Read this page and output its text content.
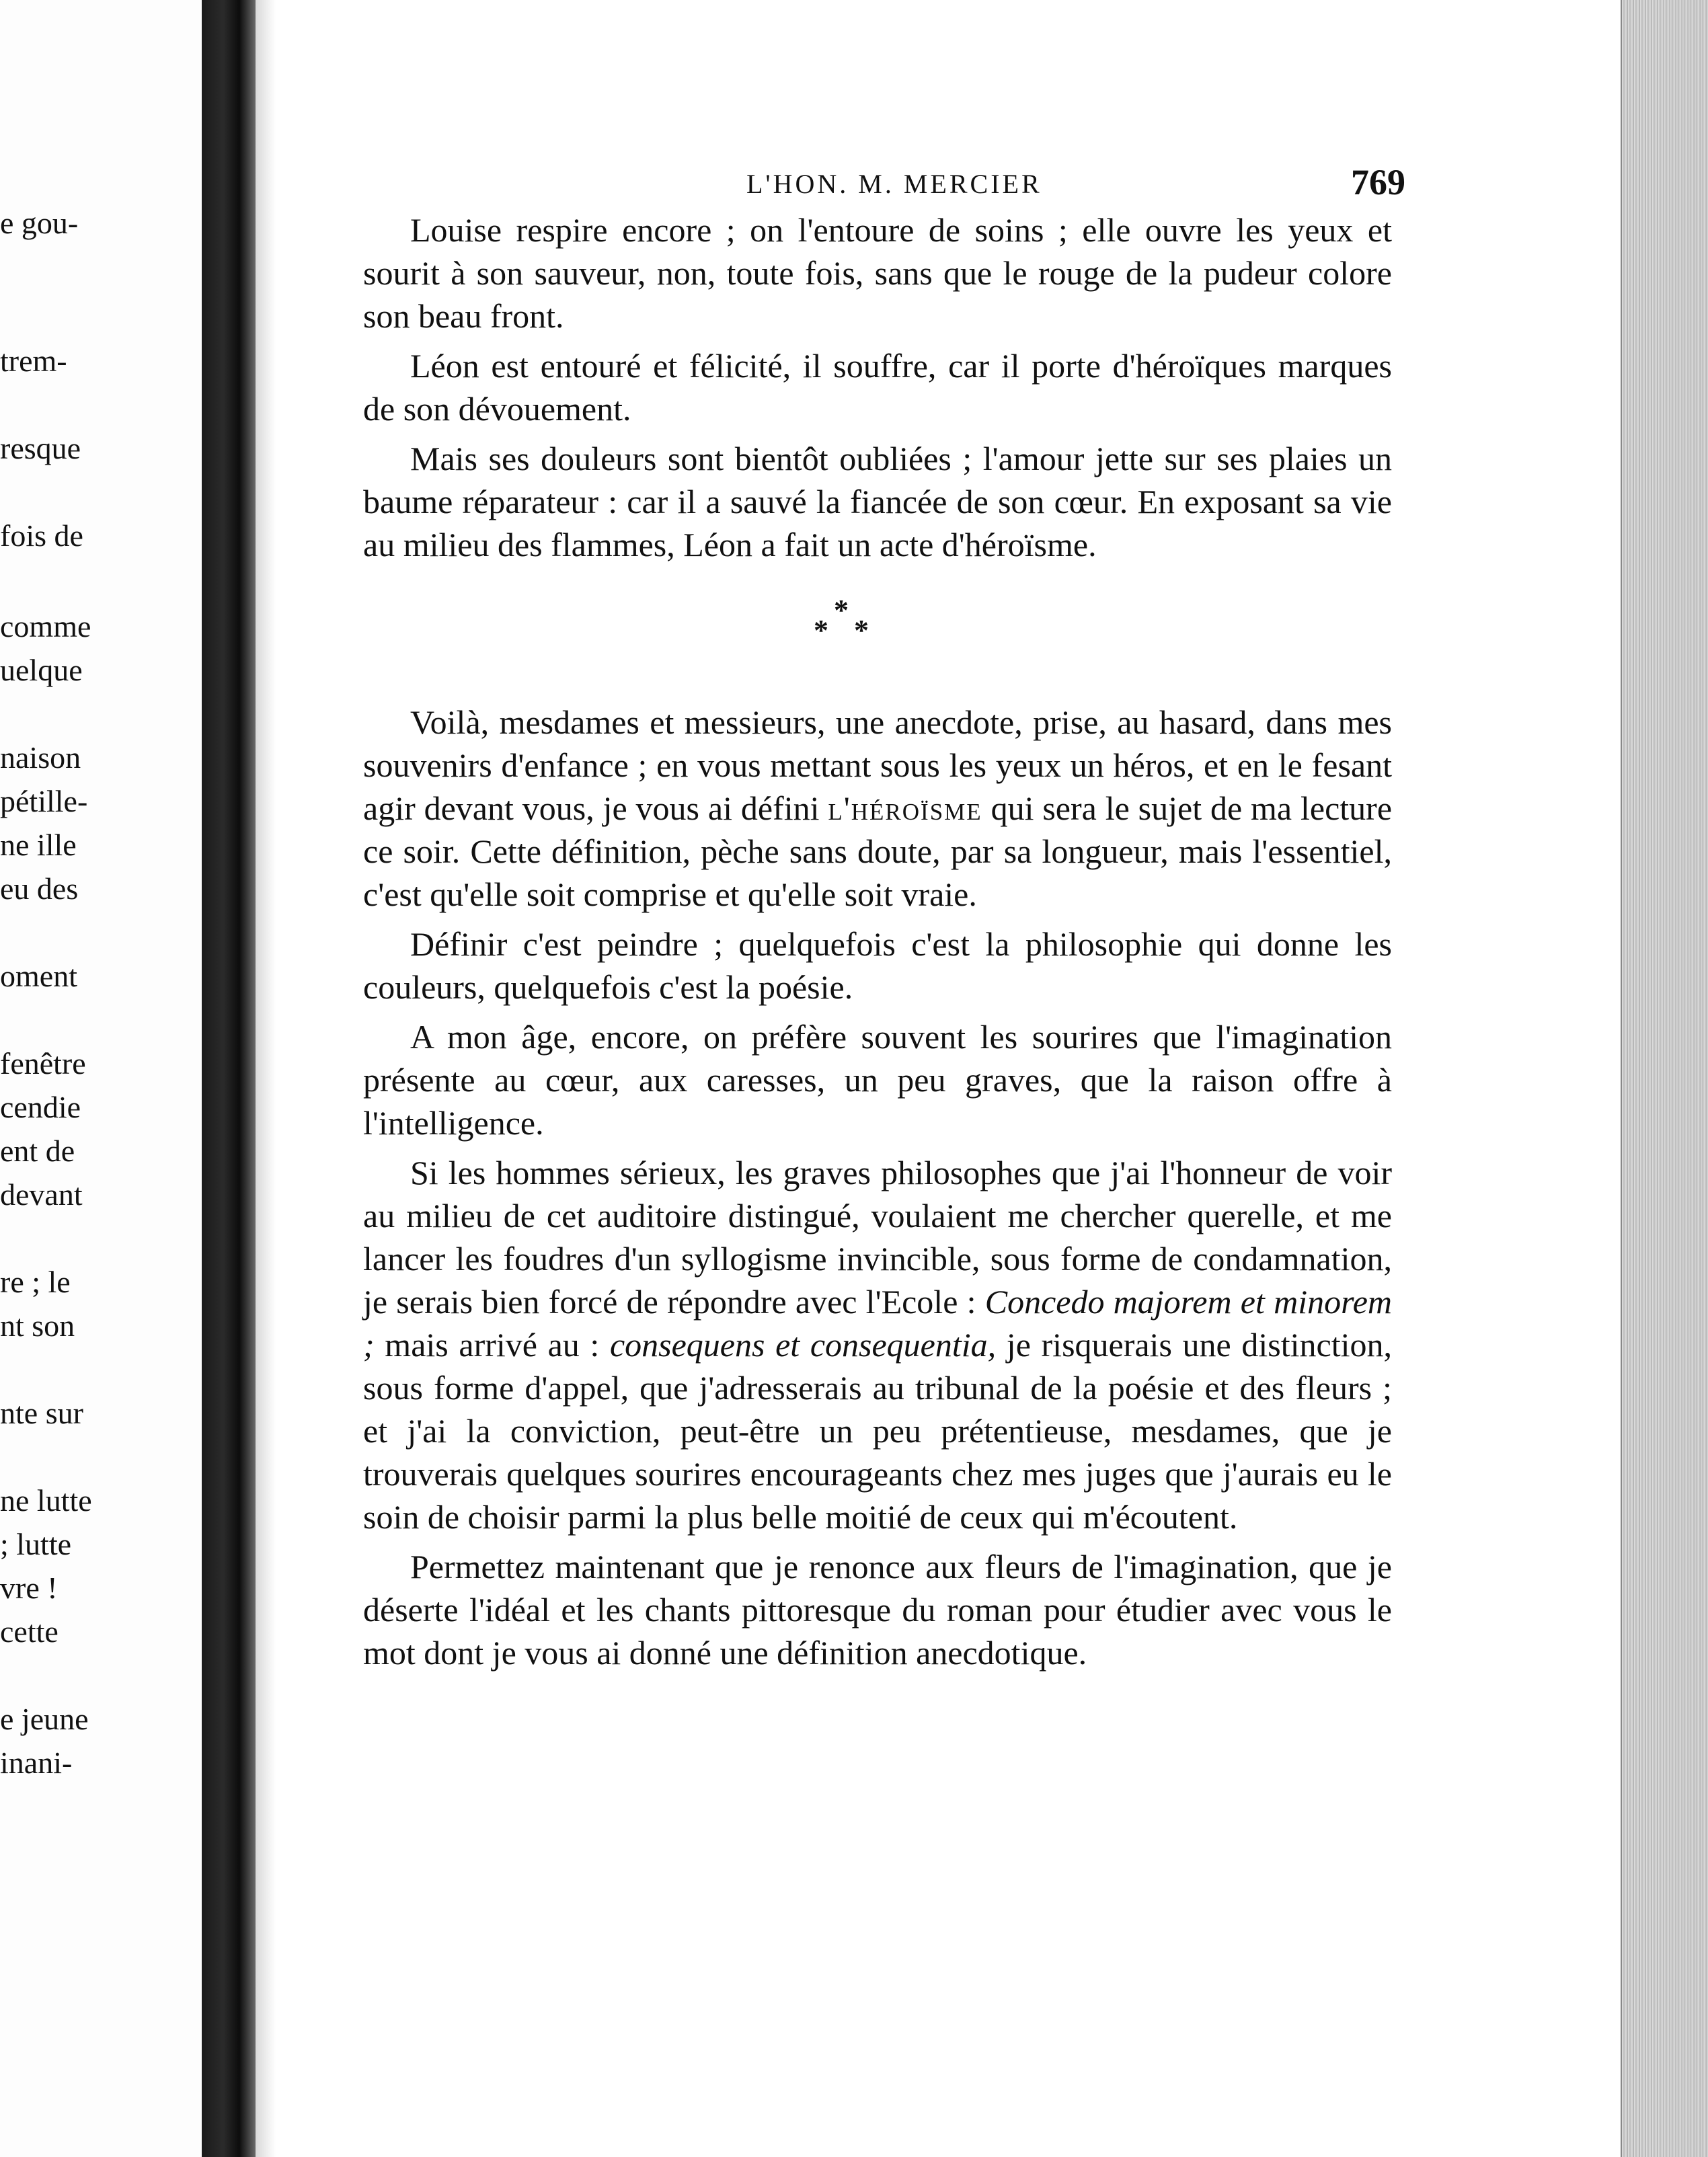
e gou-
trem-
resque
fois de
comme
uelque
naison
pétille-
ne ille
eu des
oment
fenêtre
cendie
ent de
devant
re ; le
nt son
nte sur
ne lutte
; lutte
vre !
cette
e jeune
inani-
L'HON. M. MERCIER	769

Louise respire encore ; on l'entoure de soins ; elle ouvre les yeux et sourit à son sauveur, non, toute fois, sans que le rouge de la pudeur colore son beau front.

Léon est entouré et félicité, il souffre, car il porte d'héroïques marques de son dévouement.

Mais ses douleurs sont bientôt oubliées ; l'amour jette sur ses plaies un baume réparateur : car il a sauvé la fiancée de son cœur. En exposant sa vie au milieu des flammes, Léon a fait un acte d'héroïsme.

*
* *

Voilà, mesdames et messieurs, une anecdote, prise, au hasard, dans mes souvenirs d'enfance ; en vous mettant sous les yeux un héros, et en le fesant agir devant vous, je vous ai défini l'héroïsme qui sera le sujet de ma lecture ce soir. Cette définition, pèche sans doute, par sa longueur, mais l'essentiel, c'est qu'elle soit comprise et qu'elle soit vraie.

Définir c'est peindre ; quelquefois c'est la philosophie qui donne les couleurs, quelquefois c'est la poésie.

A mon âge, encore, on préfère souvent les sourires que l'imagination présente au cœur, aux caresses, un peu graves, que la raison offre à l'intelligence.

Si les hommes sérieux, les graves philosophes que j'ai l'honneur de voir au milieu de cet auditoire distingué, voulaient me chercher querelle, et me lancer les foudres d'un syllogisme invincible, sous forme de condamnation, je serais bien forcé de répondre avec l'Ecole : Concedo majorem et minorem ; mais arrivé au : consequens et consequentia, je risquerais une distinction, sous forme d'appel, que j'adresserais au tribunal de la poésie et des fleurs ; et j'ai la conviction, peut-être un peu prétentieuse, mesdames, que je trouverais quelques sourires encourageants chez mes juges que j'aurais eu le soin de choisir parmi la plus belle moitié de ceux qui m'écoutent.

Permettez maintenant que je renonce aux fleurs de l'imagination, que je déserte l'idéal et les chants pittoresque du roman pour étudier avec vous le mot dont je vous ai donné une définition anecdotique.
